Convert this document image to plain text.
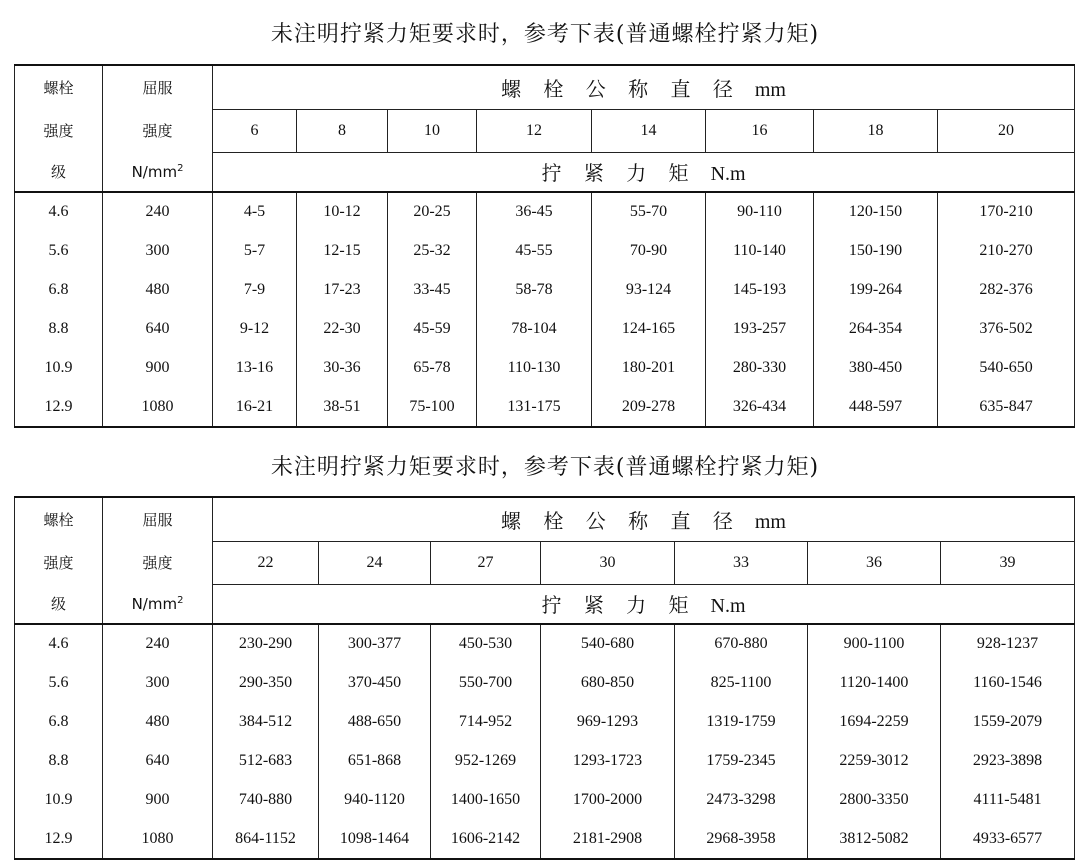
未注明拧紧力矩要求时，参考下表(普通螺栓拧紧力矩)
螺栓	屈服	螺 栓 公 称 直 径 mm							
强度	强度	6	8	10	12	14	16	18	20
级	$N/mm^2$	拧 紧 力 矩 N.m							
4.6	240	4-5	10-12	20-25	36-45	55-70	90-110	120-150	170-210
5.6	300	5-7	12-15	25-32	45-55	70-90	110-140	150-190	210-270
6.8	480	7-9	17-23	33-45	58-78	93-124	145-193	199-264	282-376
8.8	640	9-12	22-30	45-59	78-104	124-165	193-257	264-354	376-502
10.9	900	13-16	30-36	65-78	110-130	180-201	280-330	380-450	540-650
12.9	1080	16-21	38-51	75-100	131-175	209-278	326-434	448-597	635-847
未注明拧紧力矩要求时，参考下表(普通螺栓拧紧力矩)
螺栓	屈服	螺 栓 公 称 直 径 mm						
强度	强度	22	24	27	30	33	36	39
级	$N/mm^2$	拧 紧 力 矩 N.m						
4.6	240	230-290	300-377	450-530	540-680	670-880	900-1100	928-1237
5.6	300	290-350	370-450	550-700	680-850	825-1100	1120-1400	1160-1546
6.8	480	384-512	488-650	714-952	969-1293	1319-1759	1694-2259	1559-2079
8.8	640	512-683	651-868	952-1269	1293-1723	1759-2345	2259-3012	2923-3898
10.9	900	740-880	940-1120	1400-1650	1700-2000	2473-3298	2800-3350	4111-5481
12.9	1080	864-1152	1098-1464	1606-2142	2181-2908	2968-3958	3812-5082	4933-6577
